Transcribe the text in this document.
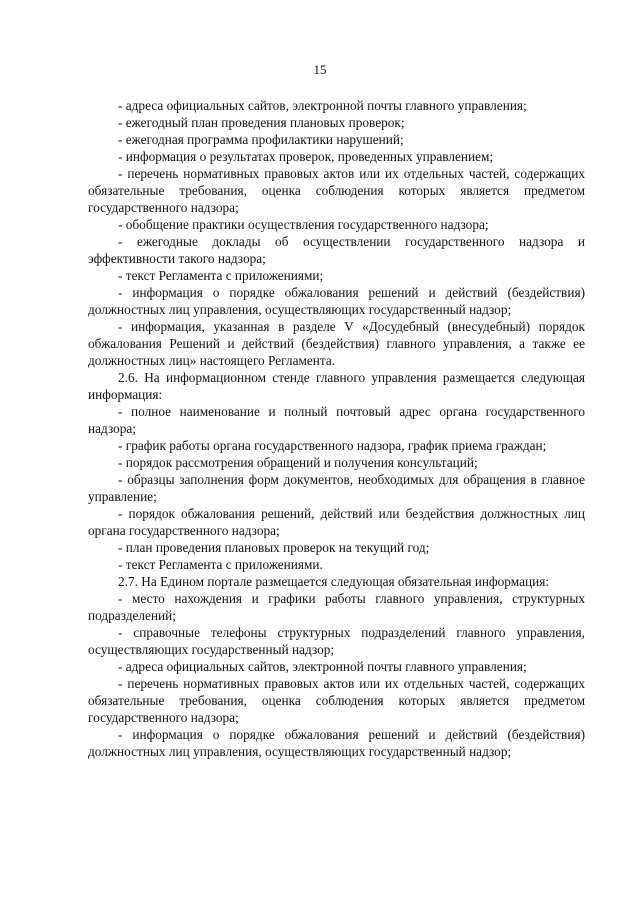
15

- адреса официальных сайтов, электронной почты главного управления;

- ежегодный план проведения плановых проверок;

- ежегодная программа профилактики нарушений;

- информация о результатах проверок, проведенных управлением;

- перечень нормативных правовых актов или их отдельных частей, содержащих обязательные требования, оценка соблюдения которых является предметом государственного надзора;

- обобщение практики осуществления государственного надзора;

- ежегодные доклады об осуществлении государственного надзора и эффективности такого надзора;

- текст Регламента с приложениями;

- информация о порядке обжалования решений и действий (бездействия) должностных лиц управления, осуществляющих государственный надзор;

- информация, указанная в разделе V «Досудебный (внесудебный) порядок обжалования Решений и действий (бездействия) главного управления, а также ее должностных лиц» настоящего Регламента.

2.6. На информационном стенде главного управления размещается следующая информация:

- полное наименование и полный почтовый адрес органа государственного надзора;

- график работы органа государственного надзора, график приема граждан;

- порядок рассмотрения обращений и получения консультаций;

- образцы заполнения форм документов, необходимых для обращения в главное управление;

- порядок обжалования решений, действий или бездействия должностных лиц органа государственного надзора;

- план проведения плановых проверок на текущий год;

- текст Регламента с приложениями.

2.7. На Едином портале размещается следующая обязательная информация:

- место нахождения и графики работы главного управления, структурных подразделений;

- справочные телефоны структурных подразделений главного управления, осуществляющих государственный надзор;

- адреса официальных сайтов, электронной почты главного управления;

- перечень нормативных правовых актов или их отдельных частей, содержащих обязательные требования, оценка соблюдения которых является предметом государственного надзора;

- информация о порядке обжалования решений и действий (бездействия) должностных лиц управления, осуществляющих государственный надзор;
